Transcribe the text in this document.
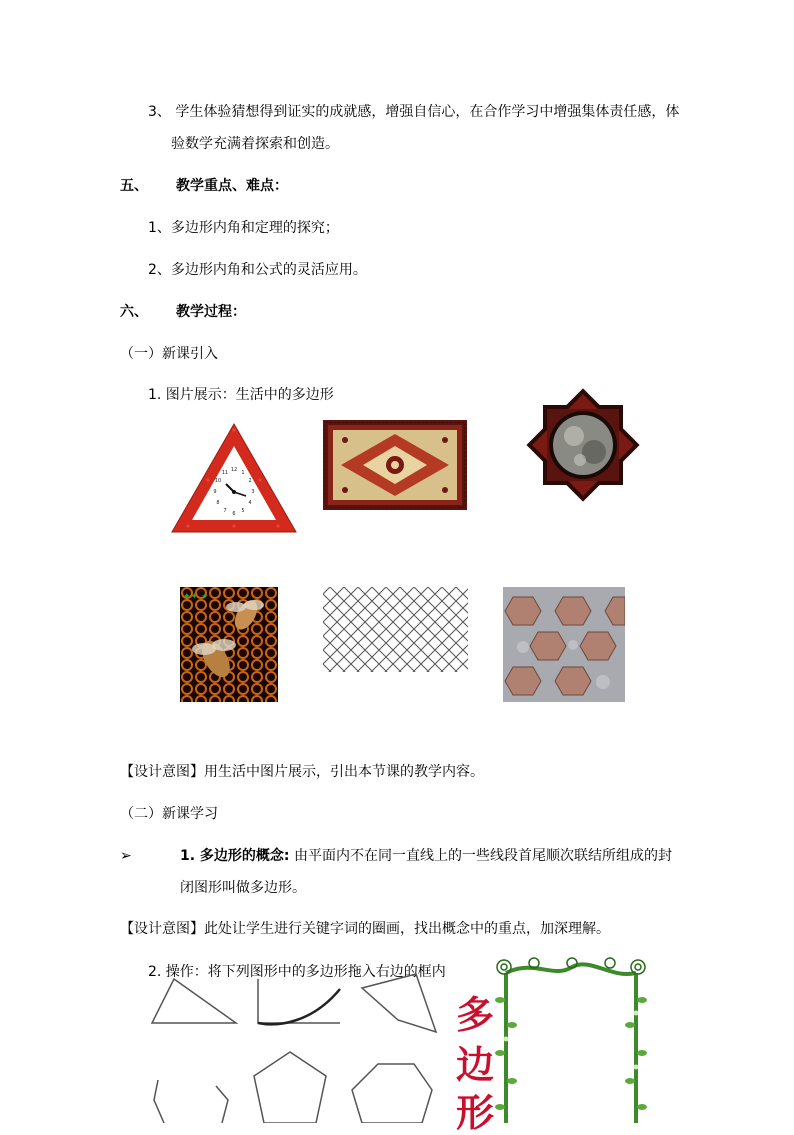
3、 学生体验猜想得到证实的成就感，增强自信心，在合作学习中增强集体责任感，体
验数学充满着探索和创造。
五、 教学重点、难点：
1、多边形内角和定理的探究；
2、多边形内角和公式的灵活应用。
六、 教学过程：
（一）新课引入
1. 图片展示：生活中的多边形
12 1
2
3
4
5
6
7
8
9
10
11
✦✦ ✦
【设计意图】用生活中图片展示，引出本节课的教学内容。
（二）新课学习
➢	1. 多边形的概念: 由平面内不在同一直线上的一些线段首尾顺次联结所组成的封
闭图形叫做多边形。
【设计意图】此处让学生进行关键字词的圈画，找出概念中的重点，加深理解。
2. 操作：将下列图形中的多边形拖入右边的框内
多
边
形
